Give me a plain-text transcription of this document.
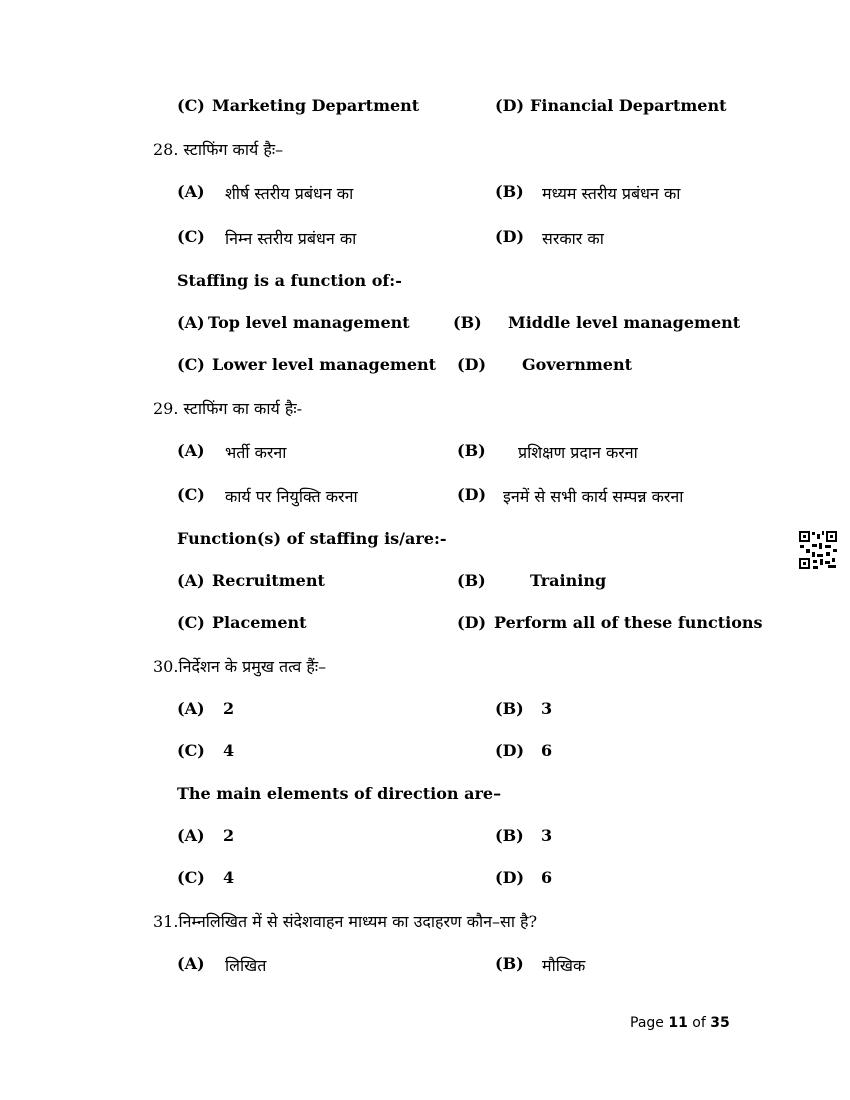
(C) Marketing Department	(D) Financial Department
28. स्टाफिंग कार्य हैः–
(A) शीर्ष स्तरीय प्रबंधन का	(B) मध्यम स्तरीय प्रबंधन का
(C) निम्न स्तरीय प्रबंधन का	(D) सरकार का
Staffing is a function of:-
(A) Top level management	(B) Middle level management
(C) Lower level management (D) Government
29. स्टाफिंग का कार्य हैः-
(A) भर्ती करना	(B) प्रशिक्षण प्रदान करना
(C) कार्य पर नियुक्ति करना	(D) इनमें से सभी कार्य सम्पन्न करना
Function(s) of staffing is/are:-
(A) Recruitment	(B)	Training
(C) Placement	(D) Perform all of these functions
30.निर्देशन के प्रमुख तत्व हैंः–
(A) 2	(B) 3
(C) 4	(D) 6
The main elements of direction are–
(A) 2	(B) 3
(C) 4	(D) 6
31.निम्नलिखित में से संदेशवाहन माध्यम का उदाहरण कौन–सा है?
(A) लिखित	(B) मौखिक
Page 11 of 35
